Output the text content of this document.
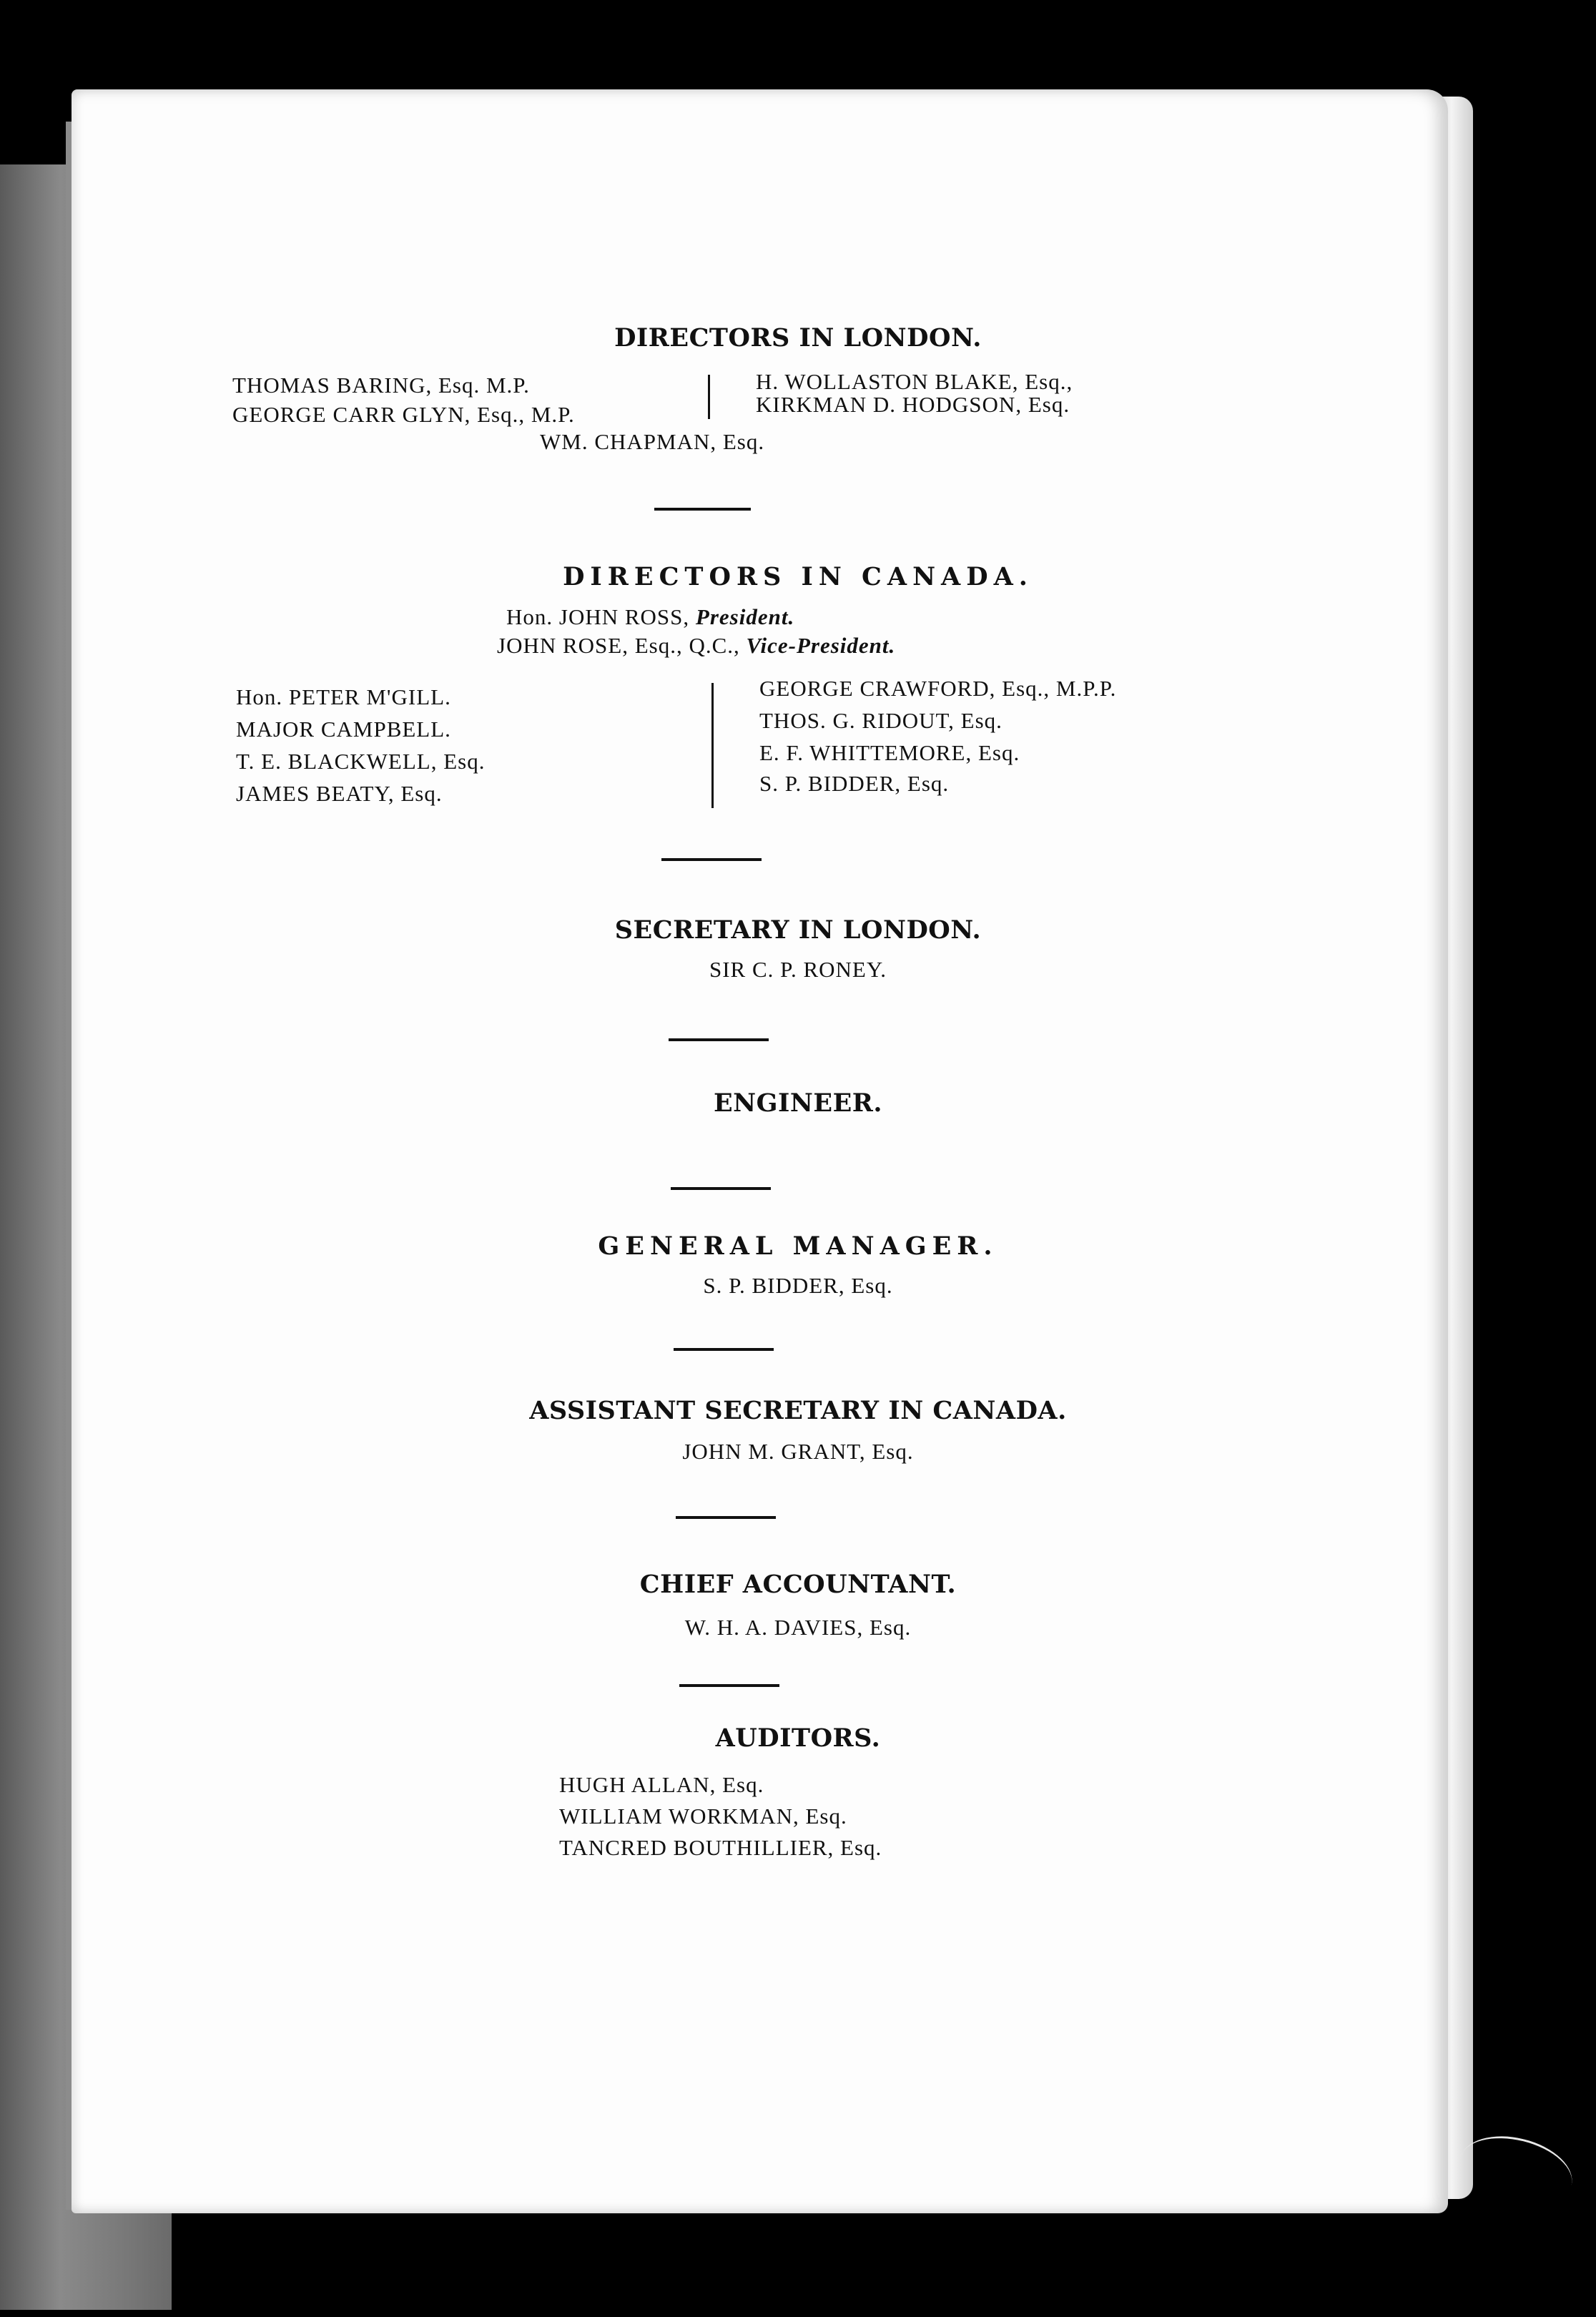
DIRECTORS IN LONDON.
THOMAS BARING, Esq. M.P.
GEORGE CARR GLYN, Esq., M.P.
H. WOLLASTON BLAKE, Esq.,
KIRKMAN D. HODGSON, Esq.
WM. CHAPMAN, Esq.
DIRECTORS IN CANADA.
Hon. JOHN ROSS, President.
JOHN ROSE, Esq., Q.C., Vice-President.
Hon. PETER M'GILL.
MAJOR CAMPBELL.
T. E. BLACKWELL, Esq.
JAMES BEATY, Esq.
GEORGE CRAWFORD, Esq., M.P.P.
THOS. G. RIDOUT, Esq.
E. F. WHITTEMORE, Esq.
S. P. BIDDER, Esq.
SECRETARY IN LONDON.
SIR C. P. RONEY.
ENGINEER.
GENERAL MANAGER.
S. P. BIDDER, Esq.
ASSISTANT SECRETARY IN CANADA.
JOHN M. GRANT, Esq.
CHIEF ACCOUNTANT.
W. H. A. DAVIES, Esq.
AUDITORS.
HUGH ALLAN, Esq.
WILLIAM WORKMAN, Esq.
TANCRED BOUTHILLIER, Esq.
